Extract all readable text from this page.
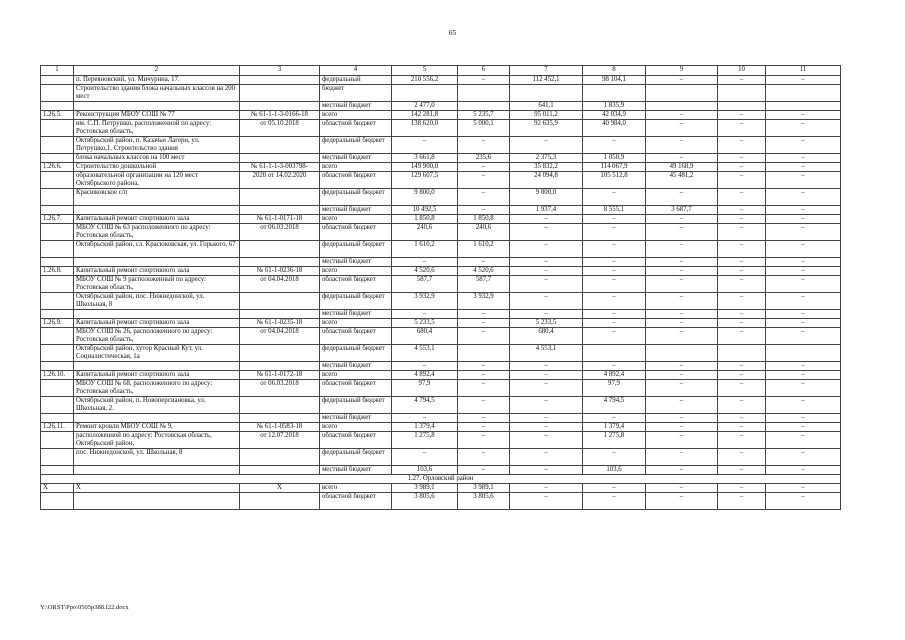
65
1	2	3	4	5	6	7	8	9	10	11
	п. Переяновский, ул. Мичурина, 17.		федеральный	210 556,2	–	112 452,1	98 104,1	–	–	–
	Строительство здания блока начальных классов на 200 мест		бюджет							
			местный бюджет	2 477,0		641,1	1 835,9			
1.26.5.	Реконструкция МБОУ СОШ № 77	№ 61-1-1-3-0166-18	всего	142 281,8	5 235,7	95 011,2	42 034,9	–	–	–
	им. С.П. Петрушко, расположенной по адресу: Ростовская область,	от 05.10.2018	областной бюджет	138 620,0	5 000,1	92 635,9	40 984,0	–	–	–
	Октябрьский район, п. Казачьи Лагери, ул. Петрушко,1. Строительство здания		федеральный бюджет	–	–	–	–	–	–	–
	блока начальных классов на 100 мест		местный бюджет	3 661,8	235,6	2 375,3	1 050,9	–	–	–
1.26.6.	Строительство дошкольной	№ 61-1-1-3-003798-	всего	149 900,0	–	35 832,2	114 067,9	49 168,9	–	–
	образовательной организации на 120 мест Октябрьского района,	2020 от 14.02.2020	областной бюджет	129 607,5	–	24 094,8	105 512,8	45 481,2	–	–
	Красюковское с/п		федеральный бюджет	9 800,0	–	9 800,0	–	–	–	–
			местный бюджет	10 492,5	–	1 937,4	8 555,1	3 687,7	–	–
1.26.7.	Капитальный ремонт спортивного зала	№ 61-1-0171-18	всего	1 850,8	1 850,8	–	–	–	–	–
	МБОУ СОШ № 63 расположенного по адресу: Ростовская область,	от 06.03.2018	областной бюджет	240,6	240,6	–	–	–	–	–
	Октябрьский район, сл. Красюковская, ул. Горького, 67		федеральный бюджет	1 610,2	1 610,2	–	–	–	–	–
			местный бюджет	–	–	–	–	–	–	–
1.26.8.	Капитальный ремонт спортивного зала	№ 61-1-0236-18	всего	4 520,6	4 520,6	–	–	–	–	–
	МБОУ СОШ № 9 расположенный по адресу: Ростовская область,	от 04.04.2018	областной бюджет	587,7	587,7	–	–	–	–	–
	Октябрьский район, пос. Нижнедонской, ул. Школьная, 8		федеральный бюджет	3 932,9	3 932,9	–	–	–	–	–
			местный бюджет	–	–	–	–	–	–	–
1.26.9.	Капитальный ремонт спортивного зала	№ 61-1-0235-18	всего	5 233,5	–	5 233,5	–	–	–	–
	МБОУ СОШ № 26, расположенного по адресу: Ростовская область,	от 04.04.2018	областной бюджет	680,4	–	680,4	–	–	–	–
	Октябрьский район, хутор Красный Кут, ул. Социалистическая, 1а		федеральный бюджет	4 553,1		4 553,1				
			местный бюджет	–	–	–	–	–	–	–
1.26.10.	Капитальный ремонт спортивного зала	№ 61-1-0172-18	всего	4 892,4	–	–	4 892,4	–	–	–
	МБОУ СОШ № 68, расположенного по адресу: Ростовская область,	от 06.03.2018	областной бюджет	97,9	–	–	97,9	–	–	–
	Октябрьский район, п. Новоперсиановка, ул. Школьная, 2.		федеральный бюджет	4 794,5	–	–	4 794,5	–	–	–
			местный бюджет	–	–	–	–	–	–	–
1.26.11.	Ремонт кровли МБОУ СОШ № 9,	№ 61-1-0583-18	всего	1 379,4	–	–	1 379,4	–	–	–
	расположенной по адресу: Ростовская область, Октябрьский район,	от 12.07.2018	областной бюджет	1 275,8	–	–	1 275,8	–	–	–
	пос. Нижнедонской, ул. Школьная, 8		федеральный бюджет	–	–	–	–	–	–	–
			местный бюджет	103,6	–	–	103,6	–	–	–
1.27. Орловский район										
Х	Х	Х	всего	3 989,1	3 989,1	–	–	–	–	–
			областной бюджет	3 805,6	3 805,6	–	–	–	–	–
Y:\ORST\Ppo\0505p388.f22.docx
